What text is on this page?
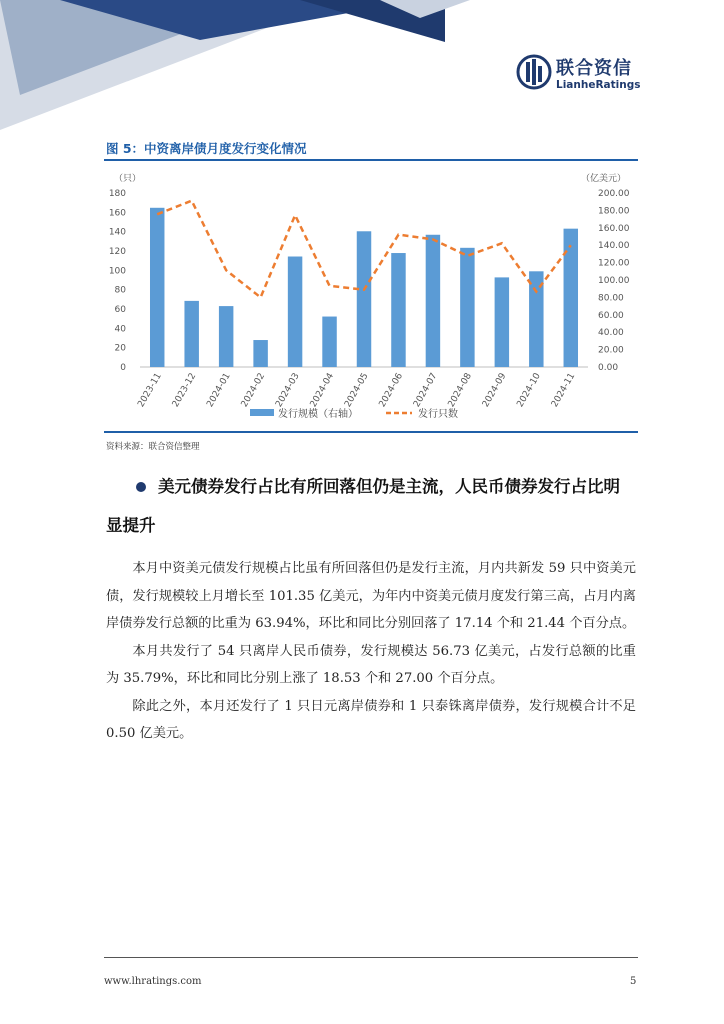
联合资信
LianheRatings
图 5：中资离岸债月度发行变化情况
（只）	（亿美元）
0
20
40
60
80
100
120
140
160
180
0.00
20.00
40.00
60.00
80.00
100.00
120.00
140.00
160.00
180.00
200.00
2023-11 2023-12 2024-01 2024-02 2024-03 2024-04 2024-05 2024-06 2024-07 2024-08 2024-09 2024-10 2024-11
发行规模（右轴）	发行只数
资料来源：联合资信整理
美元债券发行占比有所回落但仍是主流，人民币债券发行占比明
显提升

本月中资美元债发行规模占比虽有所回落但仍是发行主流，月内共新发 59 只中资美元债，发行规模较上月增长至 101.35 亿美元，为年内中资美元债月度发行第三高，占月内离岸债券发行总额的比重为 63.94%，环比和同比分别回落了 17.14 个和 21.44 个百分点。

本月共发行了 54 只离岸人民币债券，发行规模达 56.73 亿美元，占发行总额的比重为 35.79%，环比和同比分别上涨了 18.53 个和 27.00 个百分点。

除此之外，本月还发行了 1 只日元离岸债券和 1 只泰铢离岸债券，发行规模合计不足 0.50 亿美元。

www.lhratings.com	5
